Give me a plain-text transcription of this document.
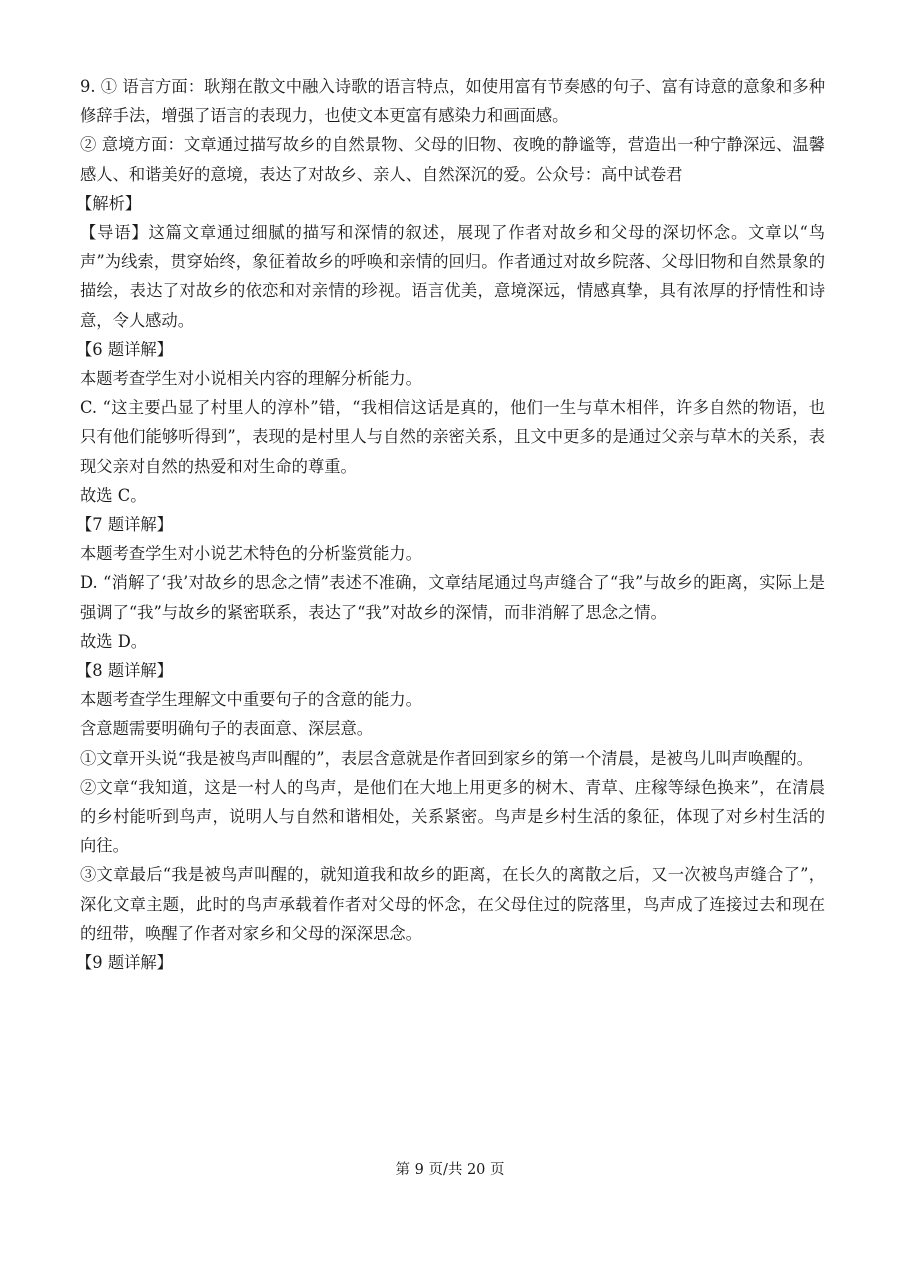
9. ① 语言方面：耿翔在散文中融入诗歌的语言特点，如使用富有节奏感的句子、富有诗意的意象和多种修辞手法，增强了语言的表现力，也使文本更富有感染力和画面感。

② 意境方面：文章通过描写故乡的自然景物、父母的旧物、夜晚的静谧等，营造出一种宁静深远、温馨感人、和谐美好的意境，表达了对故乡、亲人、自然深沉的爱。公众号：高中试卷君

【解析】

【导语】这篇文章通过细腻的描写和深情的叙述，展现了作者对故乡和父母的深切怀念。文章以“鸟声”为线索，贯穿始终，象征着故乡的呼唤和亲情的回归。作者通过对故乡院落、父母旧物和自然景象的描绘，表达了对故乡的依恋和对亲情的珍视。语言优美，意境深远，情感真挚，具有浓厚的抒情性和诗意，令人感动。

【6 题详解】

本题考查学生对小说相关内容的理解分析能力。

C. “这主要凸显了村里人的淳朴”错，“我相信这话是真的，他们一生与草木相伴，许多自然的物语，也只有他们能够听得到”，表现的是村里人与自然的亲密关系，且文中更多的是通过父亲与草木的关系，表现父亲对自然的热爱和对生命的尊重。

故选 C。

【7 题详解】

本题考查学生对小说艺术特色的分析鉴赏能力。

D. “消解了‘我’对故乡的思念之情”表述不准确，文章结尾通过鸟声缝合了“我”与故乡的距离，实际上是强调了“我”与故乡的紧密联系，表达了“我”对故乡的深情，而非消解了思念之情。

故选 D。

【8 题详解】

本题考查学生理解文中重要句子的含意的能力。

含意题需要明确句子的表面意、深层意。

①文章开头说“我是被鸟声叫醒的”，表层含意就是作者回到家乡的第一个清晨，是被鸟儿叫声唤醒的。

②文章“我知道，这是一村人的鸟声，是他们在大地上用更多的树木、青草、庄稼等绿色换来”，在清晨的乡村能听到鸟声，说明人与自然和谐相处，关系紧密。鸟声是乡村生活的象征，体现了对乡村生活的向往。

③文章最后“我是被鸟声叫醒的，就知道我和故乡的距离，在长久的离散之后，又一次被鸟声缝合了”，深化文章主题，此时的鸟声承载着作者对父母的怀念，在父母住过的院落里，鸟声成了连接过去和现在的纽带，唤醒了作者对家乡和父母的深深思念。

【9 题详解】

第 9 页/共 20 页
